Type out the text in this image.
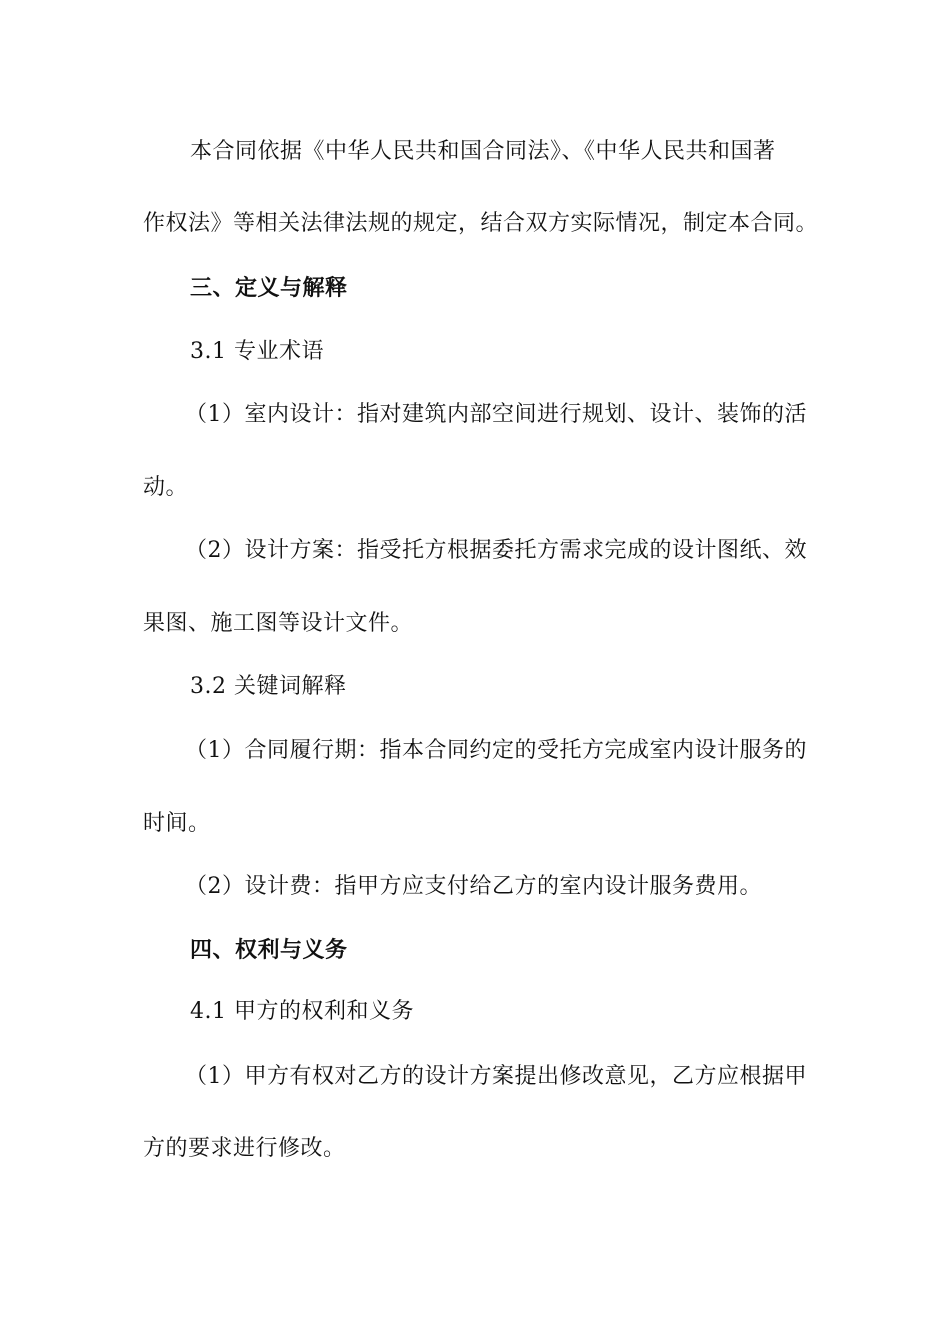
本合同依据《中华人民共和国合同法》、《中华人民共和国著
作权法》等相关法律法规的规定，结合双方实际情况，制定本合同。
三、定义与解释
3.1 专业术语
（1）室内设计：指对建筑内部空间进行规划、设计、装饰的活
动。
（2）设计方案：指受托方根据委托方需求完成的设计图纸、效
果图、施工图等设计文件。
3.2 关键词解释
（1）合同履行期：指本合同约定的受托方完成室内设计服务的
时间。
（2）设计费：指甲方应支付给乙方的室内设计服务费用。
四、权利与义务
4.1 甲方的权利和义务
（1）甲方有权对乙方的设计方案提出修改意见，乙方应根据甲
方的要求进行修改。
